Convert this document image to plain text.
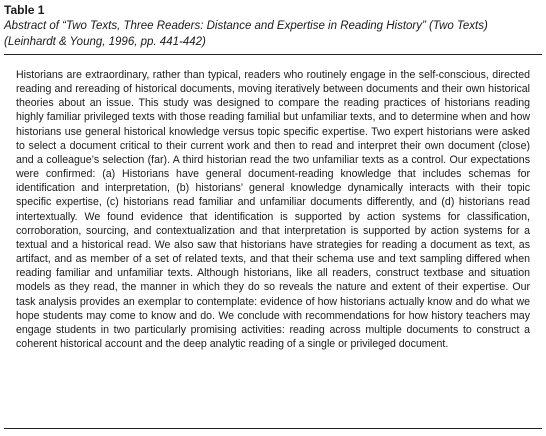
Table 1

Abstract of “Two Texts, Three Readers: Distance and Expertise in Reading History” (Two Texts)

(Leinhardt & Young, 1996, pp. 441-442)

Historians are extraordinary, rather than typical, readers who routinely engage in the self-conscious, directed reading and rereading of historical documents, moving iteratively between documents and their own historical theories about an issue. This study was designed to compare the reading practices of historians reading highly familiar privileged texts with those reading familial but unfamiliar texts, and to determine when and how historians use general historical knowledge versus topic specific expertise. Two expert historians were asked to select a document critical to their current work and then to read and interpret their own document (close) and a colleague’s selection (far). A third historian read the two unfamiliar texts as a control. Our expectations were confirmed: (a) Historians have general document-reading knowledge that includes schemas for identification and interpretation, (b) historians’ general knowledge dynamically interacts with their topic specific expertise, (c) historians read familiar and unfamiliar documents differently, and (d) historians read intertextually. We found evidence that identification is supported by action systems for classification, corroboration, sourcing, and contextualization and that interpretation is supported by action systems for a textual and a historical read. We also saw that historians have strategies for reading a document as text, as artifact, and as member of a set of related texts, and that their schema use and text sampling differed when reading familiar and unfamiliar texts. Although historians, like all readers, construct textbase and situation models as they read, the manner in which they do so reveals the nature and extent of their expertise. Our task analysis provides an exemplar to contemplate: evidence of how historians actually know and do what we hope students may come to know and do. We conclude with recommendations for how history teachers may engage students in two particularly promising activities: reading across multiple documents to construct a coherent historical account and the deep analytic reading of a single or privileged document.
